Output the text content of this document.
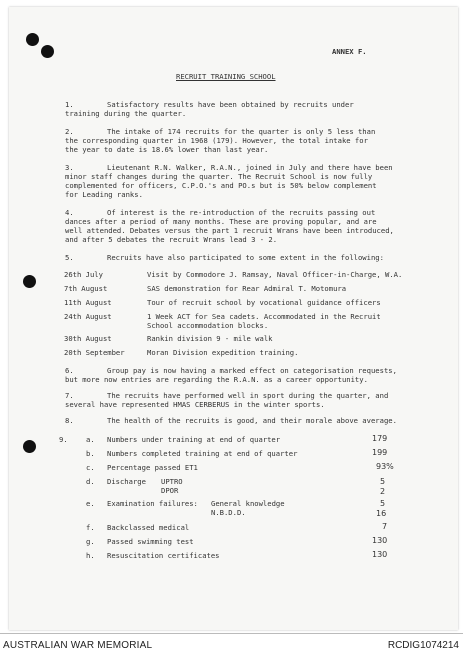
ANNEX F.
RECRUIT TRAINING SCHOOL
1.	Satisfactory results have been obtained by recruits under
training during the quarter.
2.	The intake of 174 recruits for the quarter is only 5 less than
the corresponding quarter in 1968 (179). However, the total intake for
the year to date is 18.6% lower than last year.
3.	Lieutenant R.N. Walker, R.A.N., joined in July and there have been
minor staff changes during the quarter. The Recruit School is now fully
complemented for officers, C.P.O.'s and PO.s but is 50% below complement
for Leading ranks.
4.	Of interest is the re-introduction of the recruits passing out
dances after a period of many months. These are proving popular, and are
well attended. Debates versus the part 1 recruit Wrans have been introduced,
and after 5 debates the recruit Wrans lead 3 - 2.
5.	Recruits have also participated to some extent in the following:
26th July	Visit by Commodore J. Ramsay, Naval Officer-in-Charge, W.A.
7th August	SAS demonstration for Rear Admiral T. Motomura
11th August	Tour of recruit school by vocational guidance officers
24th August	1 Week ACT for Sea cadets. Accommodated in the Recruit
School accommodation blocks.
30th August	Rankin division 9 - mile walk
20th September	Moran Division expedition training.
6.	Group pay is now having a marked effect on categorisation requests,
but more now entries are regarding the R.A.N. as a career opportunity.
7.	The recruits have performed well in sport during the quarter, and
several have represented HMAS CERBERUS in the winter sports.
8.	The health of the recruits is good, and their morale above average.
9.	a. Numbers under training at end of quarter	179
b. Numbers completed training at end of quarter	199
c. Percentage passed ET1	93%
d. Discharge UPTRO	5
DPOR	2
e. Examination failures: General knowledge	5
N.B.D.D.	16
f. Backclassed medical	7
g. Passed swimming test	130
h. Resuscitation certificates	130
AUSTRALIAN WAR MEMORIAL	RCDIG1074214
